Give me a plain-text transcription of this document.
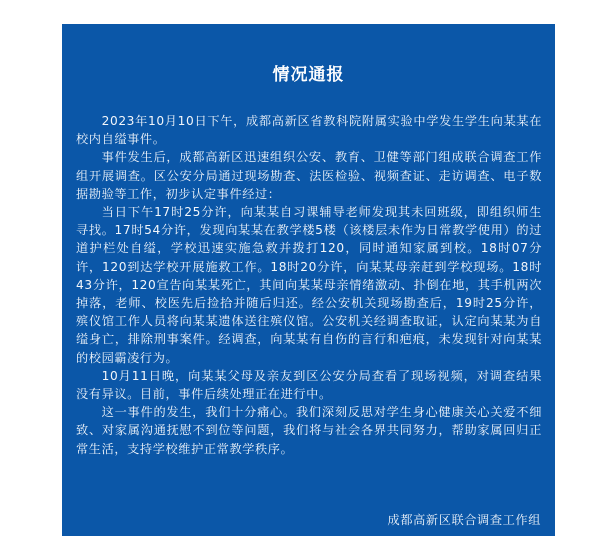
情况通报

2023年10月10日下午，成都高新区省教科院附属实验中学发生学生向某某在校内自缢事件。

事件发生后，成都高新区迅速组织公安、教育、卫健等部门组成联合调查工作组开展调查。区公安分局通过现场勘查、法医检验、视频查证、走访调查、电子数据勘验等工作，初步认定事件经过：

当日下午17时25分许，向某某自习课辅导老师发现其未回班级，即组织师生寻找。17时54分许，发现向某某在教学楼5楼（该楼层未作为日常教学使用）的过道护栏处自缢，学校迅速实施急救并拨打120，同时通知家属到校。18时07分许，120到达学校开展施救工作。18时20分许，向某某母亲赶到学校现场。18时43分许，120宣告向某某死亡，其间向某某母亲情绪激动、扑倒在地，其手机两次掉落，老师、校医先后捡拾并随后归还。经公安机关现场勘查后，19时25分许，殡仪馆工作人员将向某某遗体送往殡仪馆。公安机关经调查取证，认定向某某为自缢身亡，排除刑事案件。经调查，向某某有自伤的言行和疤痕，未发现针对向某某的校园霸凌行为。

10月11日晚，向某某父母及亲友到区公安分局查看了现场视频，对调查结果没有异议。目前，事件后续处理正在进行中。

这一事件的发生，我们十分痛心。我们深刻反思对学生身心健康关心关爱不细致、对家属沟通抚慰不到位等问题，我们将与社会各界共同努力，帮助家属回归正常生活，支持学校维护正常教学秩序。

成都高新区联合调查工作组
